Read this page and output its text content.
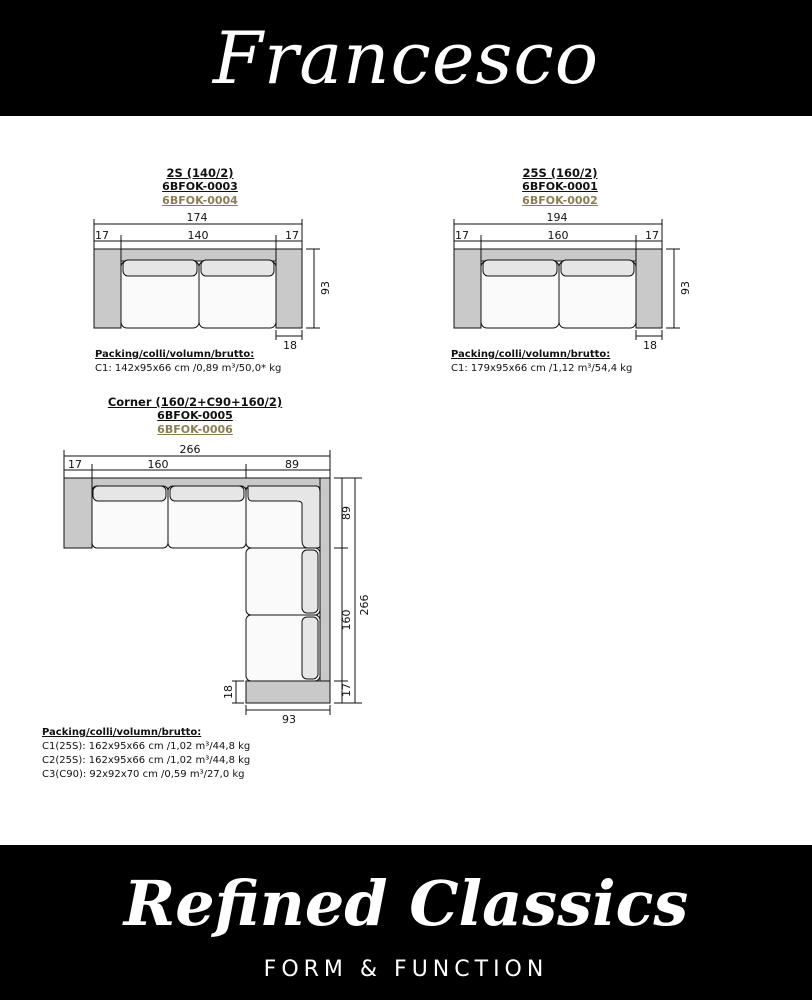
Francesco
2S (140/2)
6BFOK-0003
6BFOK-0004
174
17	140	17
93
18
Packing/colli/volumn/brutto:
C1: 142x95x66 cm /0,89 m³/50,0* kg
25S (160/2)
6BFOK-0001
6BFOK-0002
194
17	160	17
93
18
Packing/colli/volumn/brutto:
C1: 179x95x66 cm /1,12 m³/54,4 kg
Corner (160/2+C90+160/2)
6BFOK-0005
6BFOK-0006
266
17	160	89
89
160
17
266
18
93
Packing/colli/volumn/brutto:
C1(25S): 162x95x66 cm /1,02 m³/44,8 kg
C2(25S): 162x95x66 cm /1,02 m³/44,8 kg
C3(C90): 92x92x70 cm /0,59 m³/27,0 kg
Refined Classics
FORM & FUNCTION
